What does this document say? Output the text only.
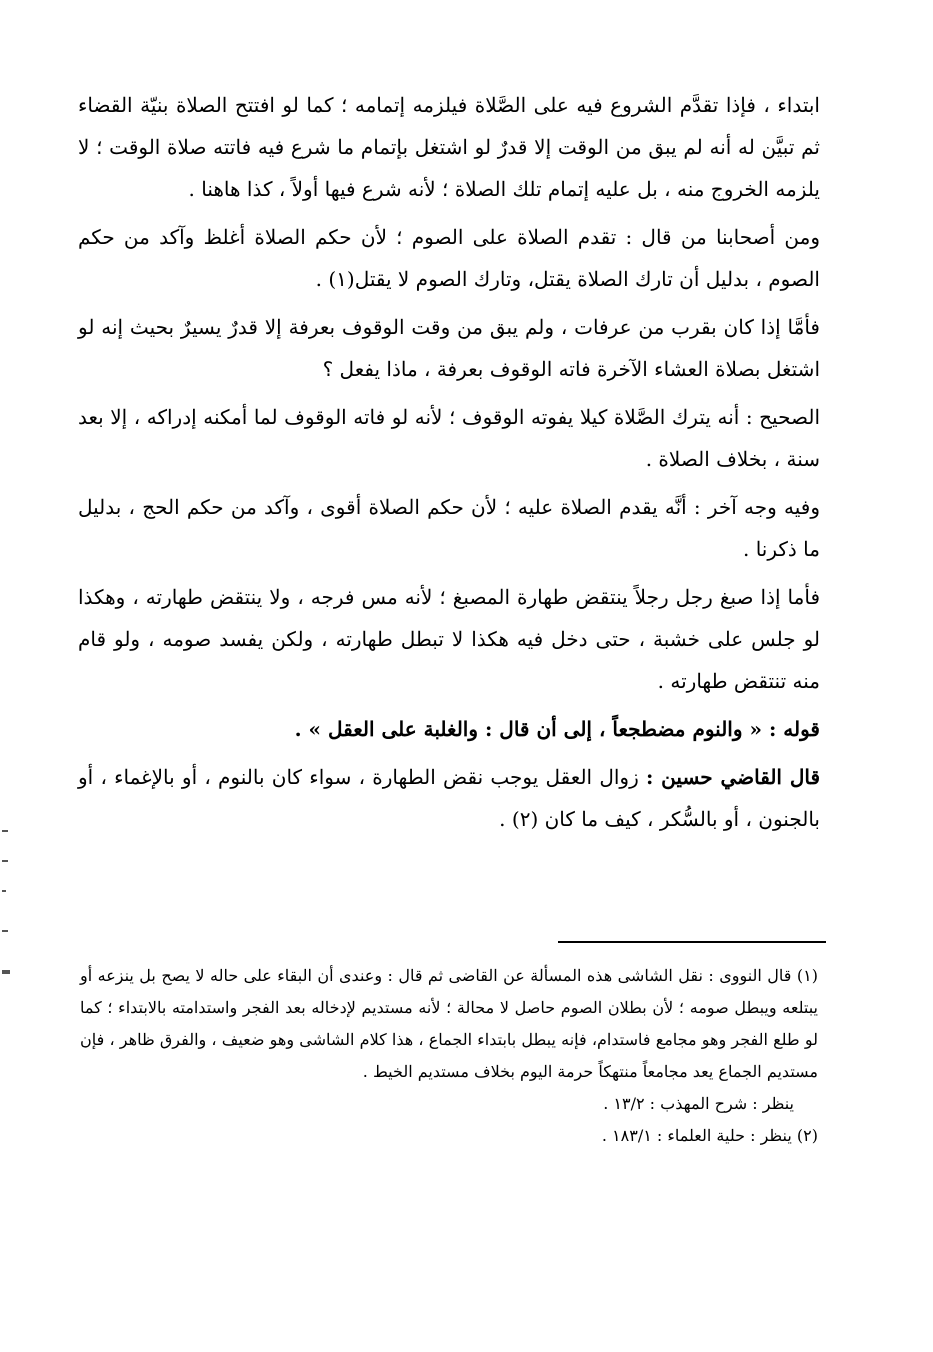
ابتداء ، فإذا تقدَّم الشروع فيه على الصَّلاة فيلزمه إتمامه ؛ كما لو افتتح الصلاة بنيّة القضاء ثم تبيَّن له أنه لم يبق من الوقت إلا قدرٌ لو اشتغل بإتمام ما شرع فيه فاتته صلاة الوقت ؛ لا يلزمه الخروج منه ، بل عليه إتمام تلك الصلاة ؛ لأنه شرع فيها أولاً ، كذا هاهنا .

ومن أصحابنا من قال : تقدم الصلاة على الصوم ؛ لأن حكم الصلاة أغلظ وآكد من حكم الصوم ، بدليل أن تارك الصلاة يقتل، وتارك الصوم لا يقتل(١) .

فأمَّا إذا كان بقرب من عرفات ، ولم يبق من وقت الوقوف بعرفة إلا قدرٌ يسيرٌ بحيث إنه لو اشتغل بصلاة العشاء الآخرة فاته الوقوف بعرفة ، ماذا يفعل ؟

الصحيح : أنه يترك الصَّلاة كيلا يفوته الوقوف ؛ لأنه لو فاته الوقوف لما أمكنه إدراكه ، إلا بعد سنة ، بخلاف الصلاة .

وفيه وجه آخر : أنَّه يقدم الصلاة عليه ؛ لأن حكم الصلاة أقوى ، وآكد من حكم الحج ، بدليل ما ذكرنا .

فأما إذا صبغ رجل رجلاً ينتقض طهارة المصبغ ؛ لأنه مس فرجه ، ولا ينتقض طهارته ، وهكذا لو جلس على خشبة ، حتى دخل فيه هكذا لا تبطل طهارته ، ولكن يفسد صومه ، ولو قام منه تنتقض طهارته .

قوله : « والنوم مضطجعاً ، إلى أن قال : والغلبة على العقل » .

قال القاضي حسين : زوال العقل يوجب نقض الطهارة ، سواء كان بالنوم ، أو بالإغماء ، أو بالجنون ، أو بالسُّكر ، كيف ما كان (٢) .

(١) قال النووى : نقل الشاشى هذه المسألة عن القاضى ثم قال : وعندى أن البقاء على حاله لا يصح بل ينزعه أو يبتلعه ويبطل صومه ؛ لأن بطلان الصوم حاصل لا محالة ؛ لأنه مستديم لإدخاله بعد الفجر واستدامته بالابتداء ؛ كما لو طلع الفجر وهو مجامع فاستدام، فإنه يبطل بابتداء الجماع ، هذا كلام الشاشى وهو ضعيف ، والفرق ظاهر ، فإن مستديم الجماع يعد مجامعاً منتهكاً حرمة اليوم بخلاف مستديم الخيط .

ينظر : شرح المهذب : ١٣/٢ .

(٢) ينظر : حلية العلماء : ١٨٣/١ .
